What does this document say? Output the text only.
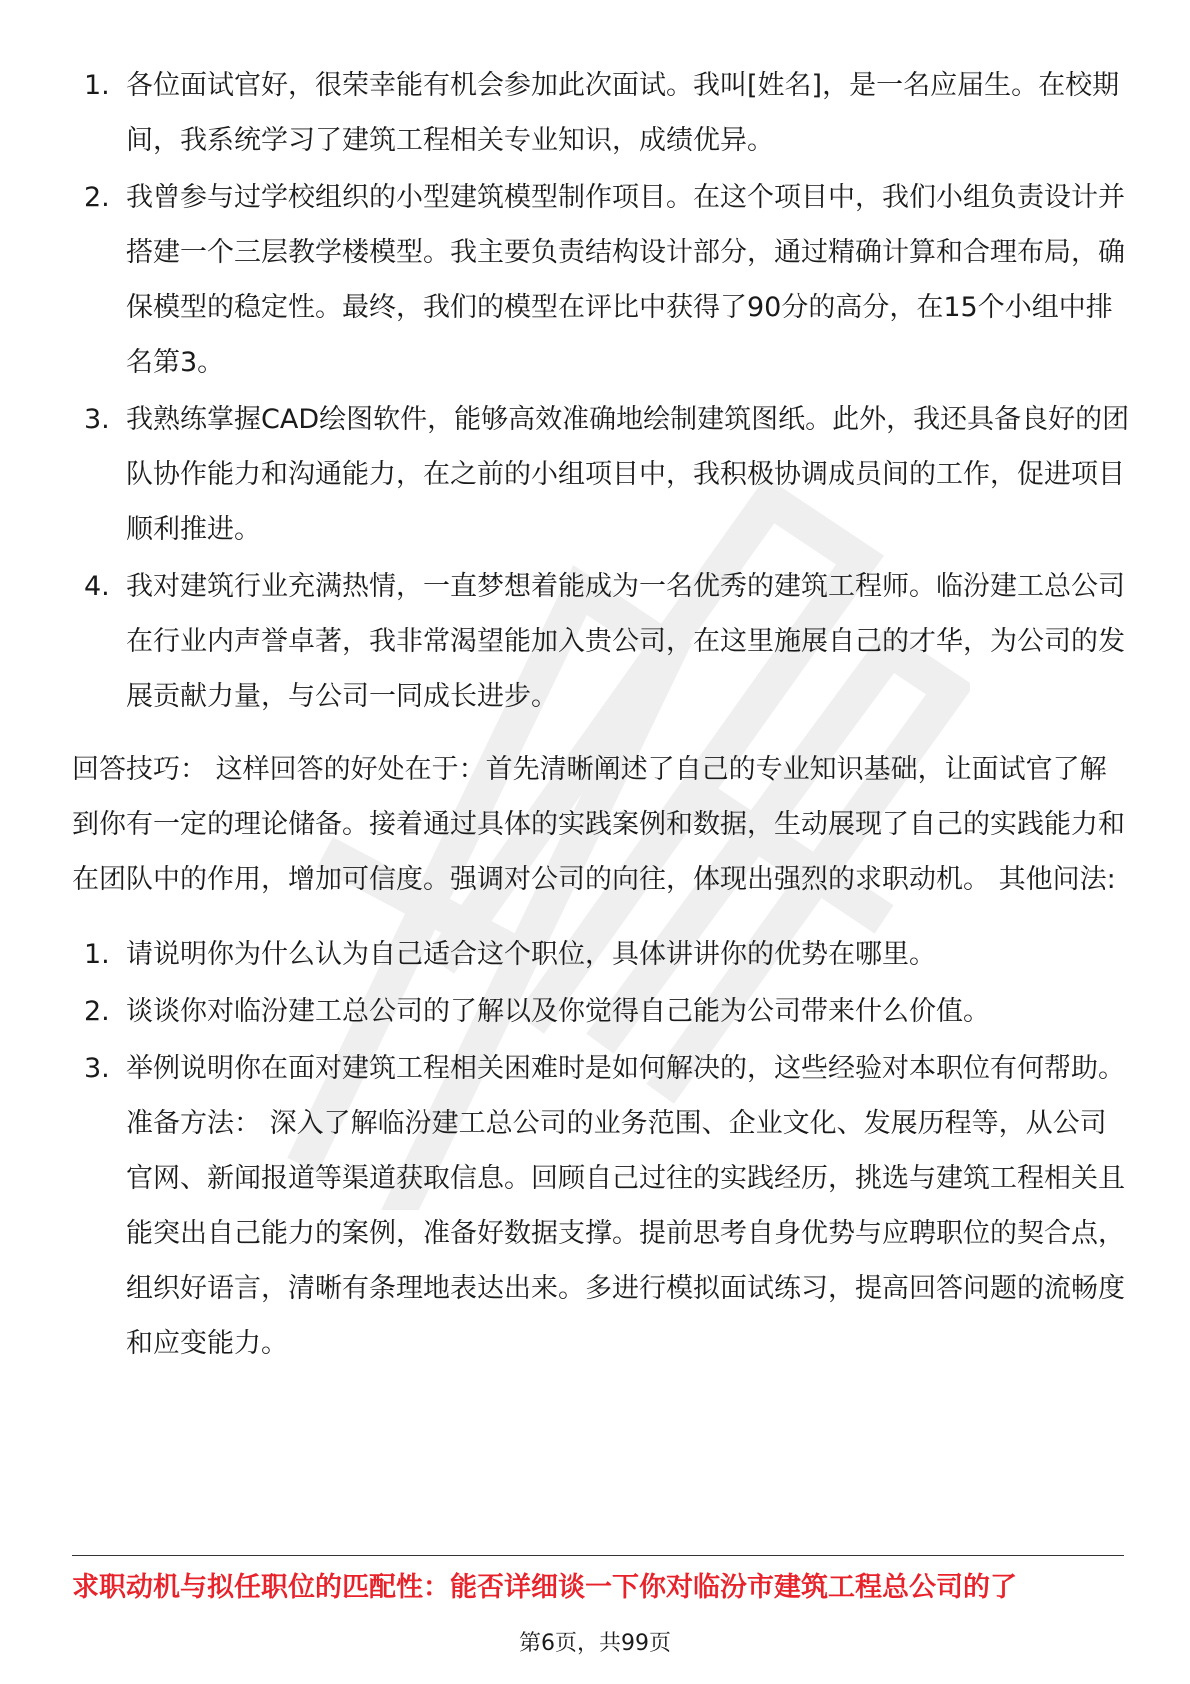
1. 各位面试官好，很荣幸能有机会参加此次面试。我叫[姓名]，是一名应届生。在校期间，我系统学习了建筑工程相关专业知识，成绩优异。
2. 我曾参与过学校组织的小型建筑模型制作项目。在这个项目中，我们小组负责设计并搭建一个三层教学楼模型。我主要负责结构设计部分，通过精确计算和合理布局，确保模型的稳定性。最终，我们的模型在评比中获得了90分的高分，在15个小组中排名第3。
3. 我熟练掌握CAD绘图软件，能够高效准确地绘制建筑图纸。此外，我还具备良好的团队协作能力和沟通能力，在之前的小组项目中，我积极协调成员间的工作，促进项目顺利推进。
4. 我对建筑行业充满热情，一直梦想着能成为一名优秀的建筑工程师。临汾建工总公司在行业内声誉卓著，我非常渴望能加入贵公司，在这里施展自己的才华，为公司的发展贡献力量，与公司一同成长进步。

回答技巧： 这样回答的好处在于：首先清晰阐述了自己的专业知识基础，让面试官了解到你有一定的理论储备。接着通过具体的实践案例和数据，生动展现了自己的实践能力和在团队中的作用，增加可信度。强调对公司的向往，体现出强烈的求职动机。 其他问法:

1. 请说明你为什么认为自己适合这个职位，具体讲讲你的优势在哪里。
2. 谈谈你对临汾建工总公司的了解以及你觉得自己能为公司带来什么价值。
3. 举例说明你在面对建筑工程相关困难时是如何解决的，这些经验对本职位有何帮助。 准备方法： 深入了解临汾建工总公司的业务范围、企业文化、发展历程等，从公司官网、新闻报道等渠道获取信息。回顾自己过往的实践经历，挑选与建筑工程相关且能突出自己能力的案例，准备好数据支撑。提前思考自身优势与应聘职位的契合点，组织好语言，清晰有条理地表达出来。多进行模拟面试练习，提高回答问题的流畅度和应变能力。
求职动机与拟任职位的匹配性：能否详细谈一下你对临汾市建筑工程总公司的了
第6页，共99页
